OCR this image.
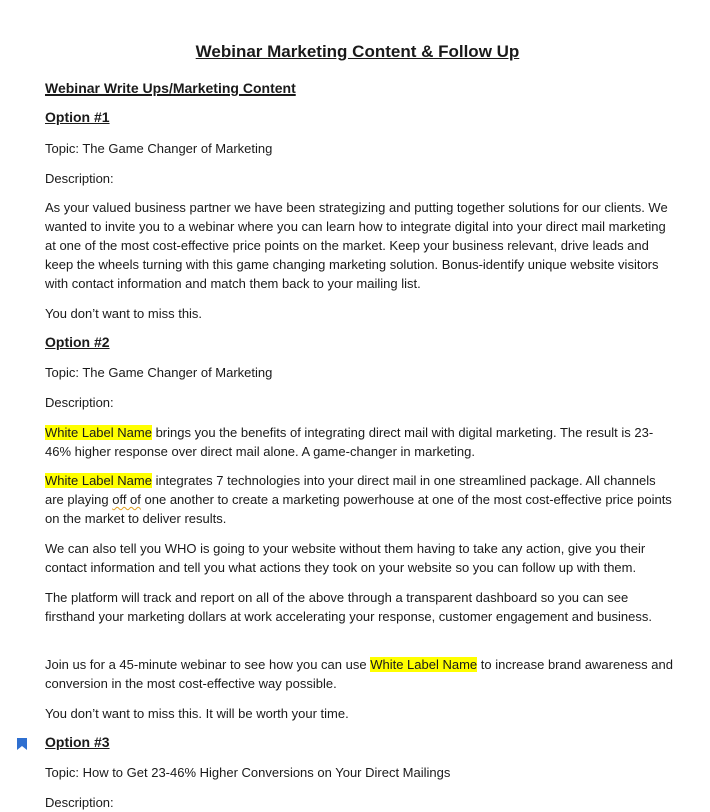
Webinar Marketing Content & Follow Up
Webinar Write Ups/Marketing Content
Option #1
Topic: The Game Changer of Marketing
Description:
As your valued business partner we have been strategizing and putting together solutions for our clients. We wanted to invite you to a webinar where you can learn how to integrate digital into your direct mail marketing at one of the most cost-effective price points on the market. Keep your business relevant, drive leads and keep the wheels turning with this game changing marketing solution. Bonus-identify unique website visitors with contact information and match them back to your mailing list.
You don’t want to miss this.
Option #2
Topic: The Game Changer of Marketing
Description:
White Label Name brings you the benefits of integrating direct mail with digital marketing. The result is 23-46% higher response over direct mail alone. A game-changer in marketing.
White Label Name integrates 7 technologies into your direct mail in one streamlined package. All channels are playing off of one another to create a marketing powerhouse at one of the most cost-effective price points on the market to deliver results.
We can also tell you WHO is going to your website without them having to take any action, give you their contact information and tell you what actions they took on your website so you can follow up with them.
The platform will track and report on all of the above through a transparent dashboard so you can see firsthand your marketing dollars at work accelerating your response, customer engagement and business.
Join us for a 45-minute webinar to see how you can use White Label Name to increase brand awareness and conversion in the most cost-effective way possible.
You don’t want to miss this. It will be worth your time.
Option #3
Topic: How to Get 23-46% Higher Conversions on Your Direct Mailings
Description:
